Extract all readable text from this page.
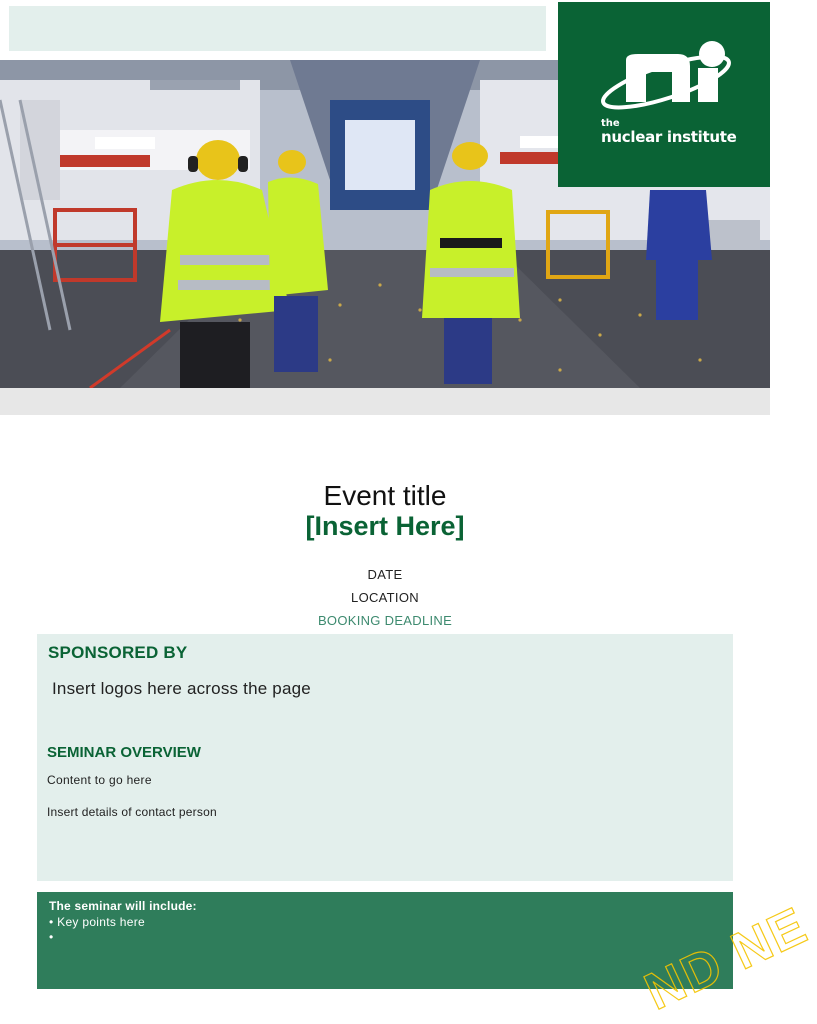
the
nuclear institute
Event title
[Insert Here]
DATE
LOCATION
BOOKING DEADLINE
SPONSORED BY
Insert logos here across the page
SEMINAR OVERVIEW
Content to go here
Insert details of contact person
The seminar will include:
• Key points here
•	NE
